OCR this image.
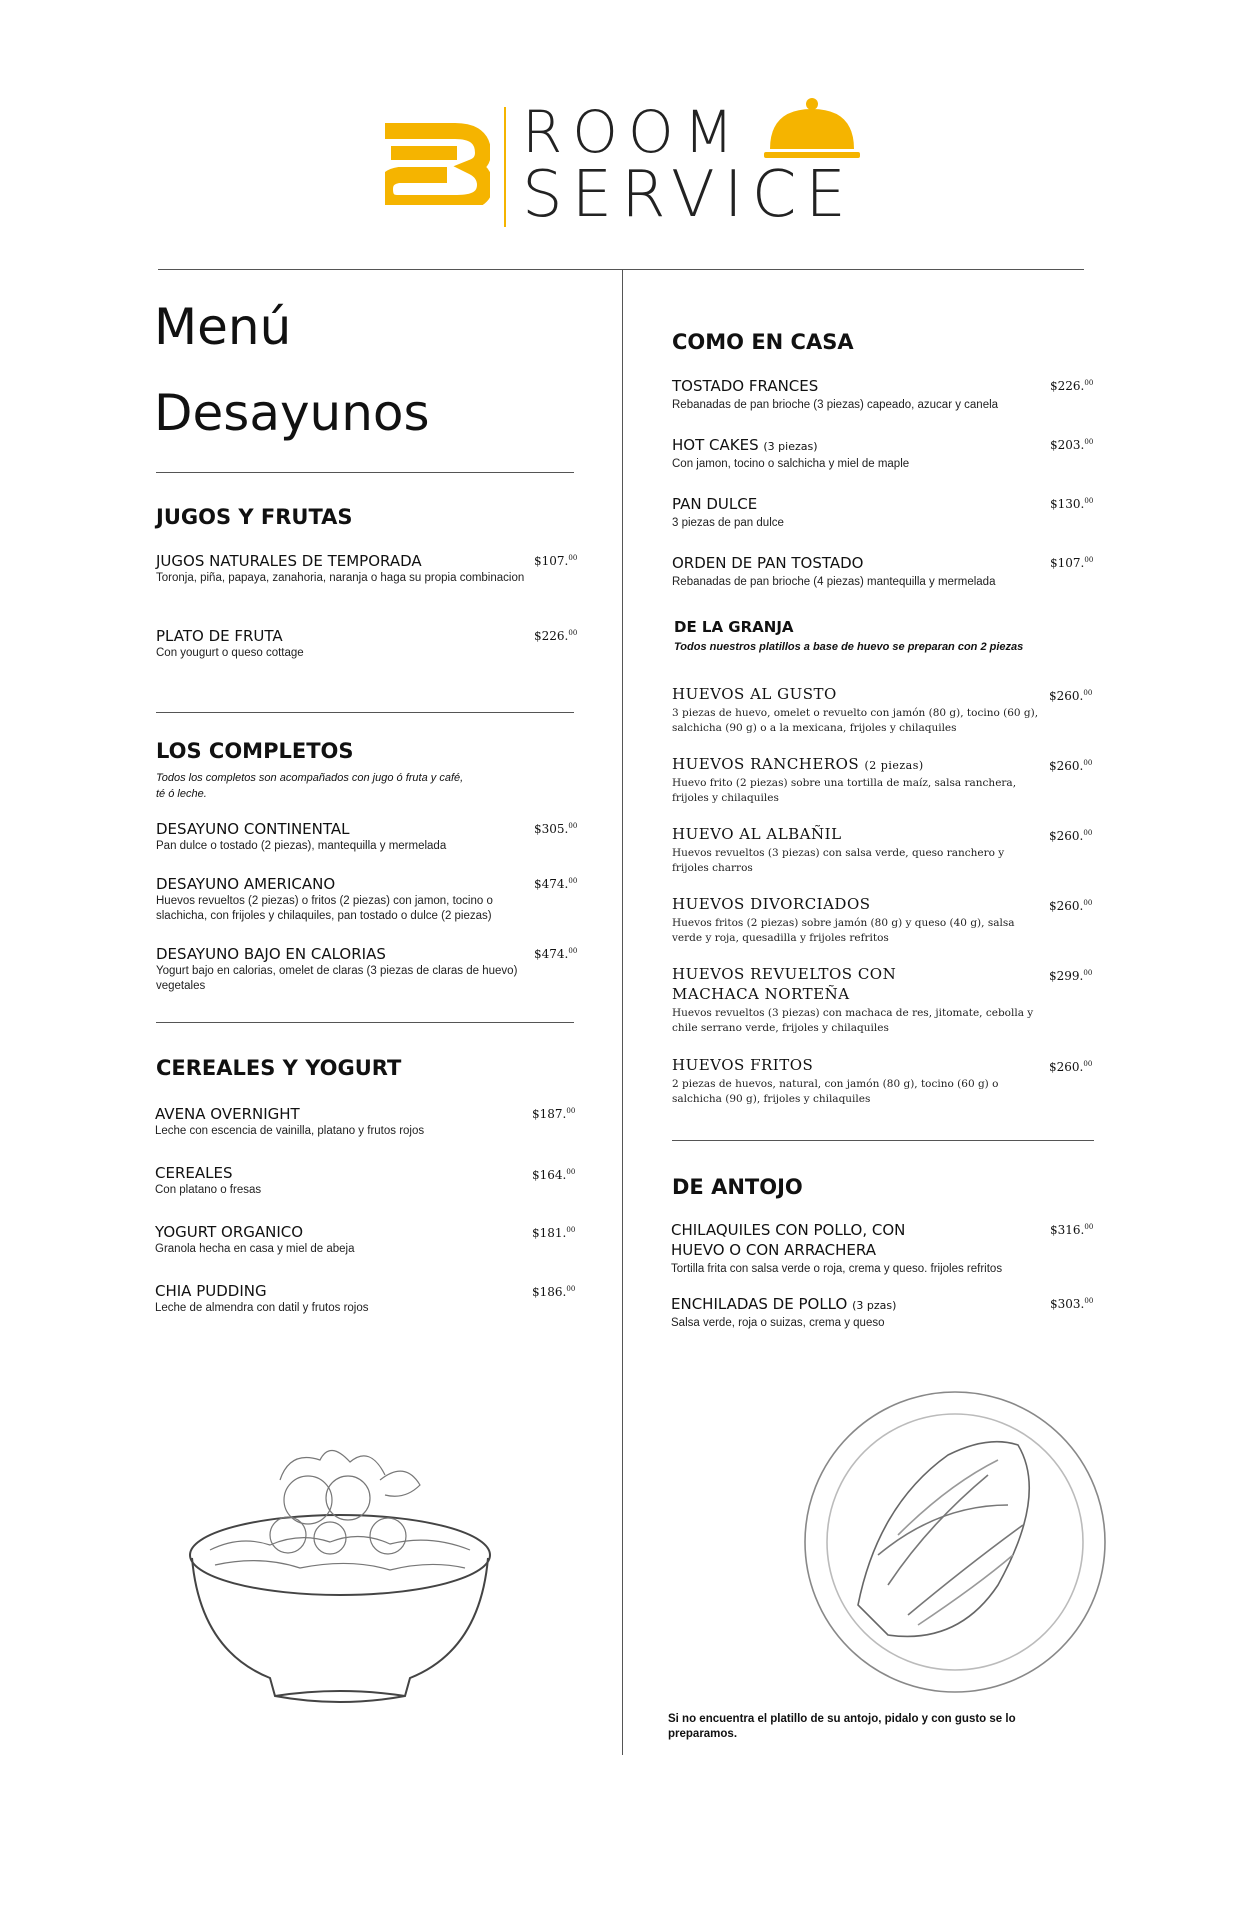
ROOM
SERVICE
Menú
Desayunos
JUGOS Y FRUTAS
JUGOS NATURALES DE TEMPORADA
Toronja, piña, papaya, zanahoria, naranja o haga su propia combinacion
$107.00
PLATO DE FRUTA
Con yougurt o queso cottage
$226.00
LOS COMPLETOS
Todos los completos son acompañados con jugo ó fruta y café, té ó leche.
DESAYUNO CONTINENTAL
Pan dulce o tostado (2 piezas), mantequilla y mermelada
$305.00
DESAYUNO AMERICANO
Huevos revueltos (2 piezas) o fritos (2 piezas) con jamon, tocino o slachicha, con frijoles y chilaquiles, pan tostado o dulce (2 piezas)
$474.00
DESAYUNO BAJO EN CALORIAS
Yogurt bajo en calorias, omelet de claras (3 piezas de claras de huevo) vegetales
$474.00
CEREALES Y YOGURT
AVENA OVERNIGHT
Leche con escencia de vainilla, platano y frutos rojos
$187.00
CEREALES
Con platano o fresas
$164.00
YOGURT ORGANICO
Granola hecha en casa y miel de abeja
$181.00
CHIA PUDDING
Leche de almendra con datil y frutos rojos
$186.00
COMO EN CASA
TOSTADO FRANCES
Rebanadas de pan brioche (3 piezas) capeado, azucar y canela
$226.00
HOT CAKES (3 piezas)
Con jamon, tocino o salchicha y miel de maple
$203.00
PAN DULCE
3 piezas de pan dulce
$130.00
ORDEN DE PAN TOSTADO
Rebanadas de pan brioche (4 piezas) mantequilla y mermelada
$107.00
DE LA GRANJA
Todos nuestros platillos a base de huevo se preparan con 2 piezas
HUEVOS AL GUSTO
3 piezas de huevo, omelet o revuelto con jamón (80 g), tocino (60 g), salchicha (90 g) o a la mexicana, frijoles y chilaquiles
$260.00
HUEVOS RANCHEROS (2 piezas)
Huevo frito (2 piezas) sobre una tortilla de maíz, salsa ranchera, frijoles y chilaquiles
$260.00
HUEVO AL ALBAÑIL
Huevos revueltos (3 piezas) con salsa verde, queso ranchero y frijoles charros
$260.00
HUEVOS DIVORCIADOS
Huevos fritos (2 piezas) sobre jamón (80 g) y queso (40 g), salsa verde y roja, quesadilla y frijoles refritos
$260.00
HUEVOS REVUELTOS CON MACHACA NORTEÑA
Huevos revueltos (3 piezas) con machaca de res, jitomate, cebolla y chile serrano verde, frijoles y chilaquiles
$299.00
HUEVOS FRITOS
2 piezas de huevos, natural, con jamón (80 g), tocino (60 g) o salchicha (90 g), frijoles y chilaquiles
$260.00
DE ANTOJO
CHILAQUILES CON POLLO, CON HUEVO O CON ARRACHERA
Tortilla frita con salsa verde o roja, crema y queso. frijoles refritos
$316.00
ENCHILADAS DE POLLO (3 pzas)
Salsa verde, roja o suizas, crema y queso
$303.00
Si no encuentra el platillo de su antojo, pidalo y con gusto se lo preparamos.
